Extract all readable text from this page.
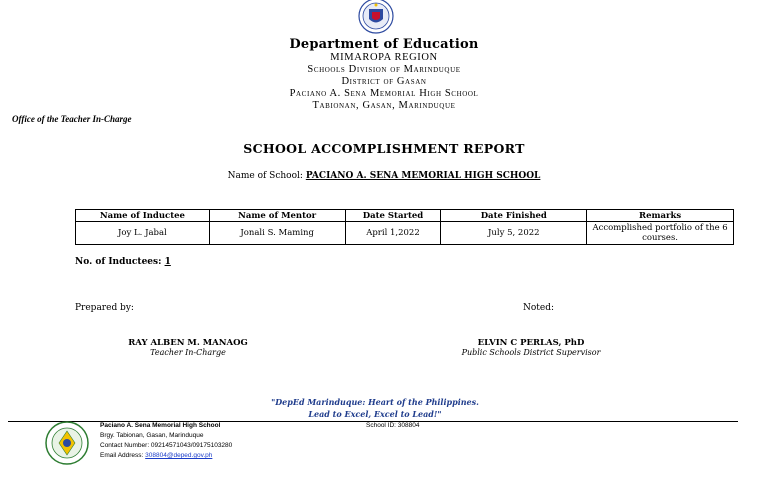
Department of Education
MIMAROPA REGION
Schools Division of Marinduque
District of Gasan
Paciano A. Sena Memorial High School
Tabionan, Gasan, Marinduque
Office of the Teacher In-Charge
SCHOOL ACCOMPLISHMENT REPORT
Name of School: PACIANO A. SENA MEMORIAL HIGH SCHOOL
Name of Inductee	Name of Mentor	Date Started	Date Finished	Remarks
Joy L. Jabal	Jonali S. Maming	April 1,2022	July 5, 2022	Accomplished portfolio of the 6 courses.
No. of Inductees: 1
Prepared by:	Noted:
RAY ALBEN M. MANAOG
Teacher In-Charge
ELVIN C PERLAS, PhD
Public Schools District Supervisor
"DepEd Marinduque: Heart of the Philippines.
Lead to Excel, Excel to Lead!"
Paciano A. Sena Memorial High School
Brgy. Tabionan, Gasan, Marinduque
Contact Number: 09214571043/09175103280
Email Address: 308804@deped.gov.ph
School ID: 308804
